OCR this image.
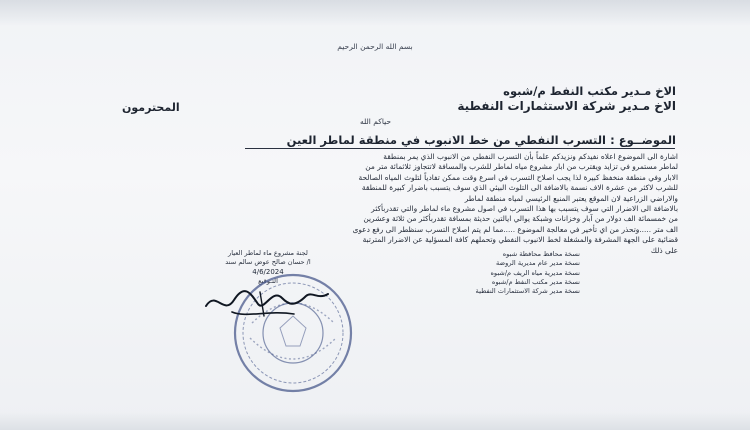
بسم الله الرحمن الرحيم
الاخ مـدير مكتب النفط م/شبوه
الاخ مـدير شركة الاستثمارات النفطية
المحترمون
حياكم الله
الموضــوع :
التسرب النفطي من خط الانبوب في منطقة لماطر العين

اشارة الى الموضوع اعلاه نفيدكم ونزيدكم علماً بأن التسرب النفطي من الانبوب الذي يمر بمنطقة

لماطر مستمرو في تزايد ويقترب من ابار مشروع مياه لماطر للشرب والمسافة لاتتجاوز ثلاثمائة متر من

الابار وفي منطقة منخفظ كبيرة لذا يجب اصلاح التسرب في اسرع وقت ممكن تفادياً لتلوث المياه الصالحة

للشرب لاكثر من عشرة الاف نسمة بالاضافة الى التلوث البيئي الذي سوف يتسبب باضرار كبيرة للمنطقة

والاراضي الزراعية لان الموقع يعتبر المنبع الرئيسي لمياه منطقة لماطر

بالاضافة الى الاضرار التي سوف يتسبب بها هذا التسرب في اصول مشروع ماء لماطر والتي تقدربأكثر

من خمسمائة الف دولار من آبار وخزانات وشبكة يوالي ايالتين حديثة بمسافة تقدربأكثر من ثلاثة وعشرين

الف متر .....وتحذر من اي تأخير في معالجة الموضوع .....مما لم يتم اصلاح التسرب سنظطر الى رفع دعوى

قضائية على الجهة المشرفة والمشغلة لخط الانبوب النفطي وتحملهم كافة المسؤلية عن الاضرار المترتبة

على ذلك

نسخة محافظ محافظة شبوه
نسخة مدير عام مديرية الروضة
نسخة مديرية مياه الريف م/شبوه
نسخة مدير مكتب النفط م/شبوه
نسخة مدير شركة الاستثمارات النفطية
لجنة مشروع ماء لماطر العيار
ا/ حسان صالح عوض سالم سند
4/6/2024
التـوقيع
